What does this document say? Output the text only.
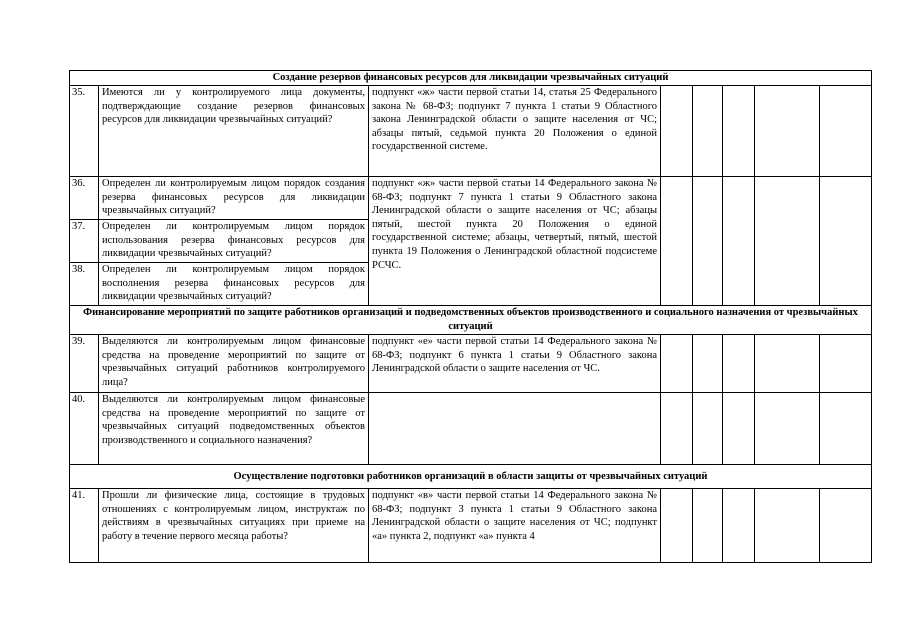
Создание резервов финансовых ресурсов для ликвидации чрезвычайных ситуаций							
35.	Имеются ли у контролируемого лица документы, подтверждающие создание резервов финансовых ресурсов для ликвидации чрезвычайных ситуаций?	подпункт «ж» части первой статьи 14, статья 25 Федерального закона № 68-ФЗ; подпункт 7 пункта 1 статьи 9 Областного закона Ленинградской области о защите населения от ЧС; абзацы пятый, седьмой пункта 20 Положения о единой государственной системе.					
36.	Определен ли контролируемым лицом порядок создания резерва финансовых ресурсов для ликвидации чрезвычайных ситуаций?	подпункт «ж» части первой статьи 14 Федерального закона № 68-ФЗ; подпункт 7 пункта 1 статьи 9 Областного закона Ленинградской области о защите населения от ЧС; абзацы пятый, шестой пункта 20 Положения о единой государственной системе; абзацы, четвертый, пятый, шестой пункта 19 Положения о Ленинградской областной подсистеме РСЧС.					
37.	Определен ли контролируемым лицом порядок использования резерва финансовых ресурсов для ликвидации чрезвычайных ситуаций?						
38.	Определен ли контролируемым лицом порядок восполнения резерва финансовых ресурсов для ликвидации чрезвычайных ситуаций?						
Финансирование мероприятий по защите работников организаций и подведомственных объектов производственного и социального назначения от чрезвычайных ситуаций							
39.	Выделяются ли контролируемым лицом финансовые средства на проведение мероприятий по защите от чрезвычайных ситуаций работников контролируемого лица?	подпункт «е» части первой статьи 14 Федерального закона № 68-ФЗ; подпункт 6 пункта 1 статьи 9 Областного закона Ленинградской области о защите населения от ЧС.					
40.	Выделяются ли контролируемым лицом финансовые средства на проведение мероприятий по защите от чрезвычайных ситуаций подведомственных объектов производственного и социального назначения?						
Осуществление подготовки работников организаций в области защиты от чрезвычайных ситуаций							
41.	Прошли ли физические лица, состоящие в трудовых отношениях с контролируемым лицом, инструктаж по действиям в чрезвычайных ситуациях при приеме на работу в течение первого месяца работы?	подпункт «в» части первой статьи 14 Федерального закона № 68-ФЗ; подпункт 3 пункта 1 статьи 9 Областного закона Ленинградской области о защите населения от ЧС; подпункт «а» пункта 2, подпункт «а» пункта 4					
